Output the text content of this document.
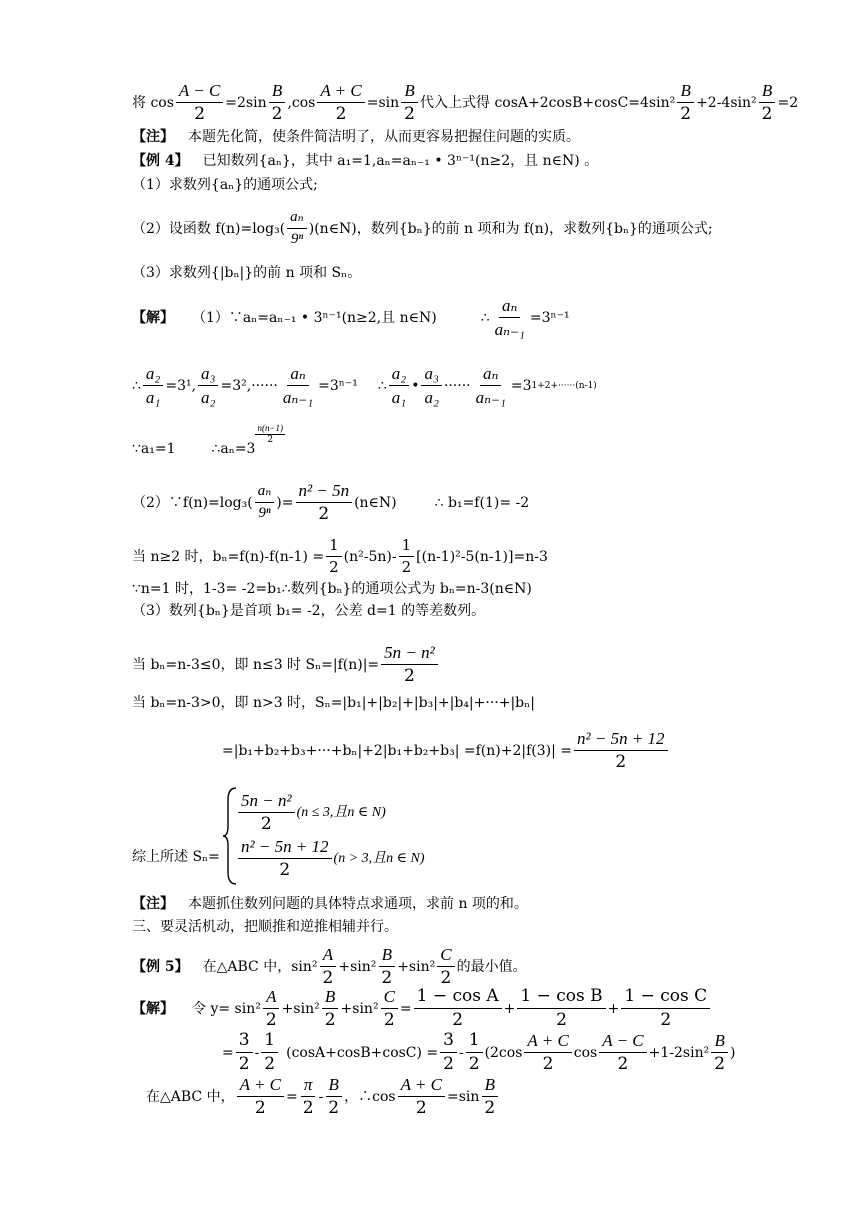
将 $\cos \frac{A - C}{2} =2\sin \frac{B}{2} ,\cos \frac{A + C}{2} =\sin \frac{B}{2}$ 代入上式得 $\cos A+2\cos B+\cos C=4\sin^2 \frac{B}{2} +2-4\sin^2 \frac{B}{2} =2$
【注】 本题先化简，使条件简洁明了，从而更容易把握住问题的实质。
【例 4】 已知数列{aₙ}，其中 a₁=1,aₙ=aₙ₋₁ • 3ⁿ⁻¹(n≥2，且 n∈N) 。
（1）求数列{aₙ}的通项公式;
（2）设函数 $f(n)=\log_3( \frac{\text{aₙ}}{\text{9ⁿ}}$ )(n∈N)，数列{bₙ}的前 n 项和为 f(n)，求数列{bₙ}的通项公式;
（3）求数列{|bₙ|}的前 n 项和 Sₙ。
【解】 （1）∵aₙ=aₙ₋₁ • 3ⁿ⁻¹(n≥2,且 n∈N)	∴ $\frac{\text{aₙ}}{\text{aₙ₋₁}} =3^{n-1}$
∴ $\frac{\text{a₂}}{\text{a₁}} =3^1$, $\frac{\text{a₃}}{\text{a₂}} =3^2,\cdot\cdot\cdot\cdot\cdot\cdot \frac{\text{aₙ}}{\text{aₙ₋₁}} =3^{n-1}$ ∴ $\frac{\text{a₂}}{\text{a₁}}$ • $\frac{\text{a₃}}{\text{a₂}}$ ······ $\frac{\text{aₙ}}{\text{aₙ₋₁}} =3$ 1+2+······(n-1)
∵a₁=1	∴aₙ=3
$\frac{n(n-1)}{2}$
（2）∵f(n)=log₃( $\frac{\text{aₙ}}{\text{9ⁿ}}$ )= $\frac{\text{n² − 5n}}{2}$ (n∈N)	∴ b₁=f(1)= -2
当 n≥2 时，$b_n=f(n)-f(n-1) = \frac{1}{2} (n^2-5n)- \frac{1}{2} [(n-1)^2-5(n-1)]=n-3$
∵n=1 时，1-3= -2=b₁∴数列{bₙ}的通项公式为 bₙ=n-3(n∈N)
（3）数列{bₙ}是首项 b₁= -2，公差 d=1 的等差数列。
当 bₙ=n-3≤0，即 n≤3 时 $S_n=|f(n)|= \frac{\text{5n − n²}}{2}$
当 bₙ=n-3>0，即 n>3 时，Sₙ=|b₁|+|b₂|+|b₃|+|b₄|+···+|bₙ|
$=|b_1+b_2+b_3+\cdot\cdot\cdot+b_n|+2|b_1+b_2+b_3| =f(n)+2|f(3)| = \frac{\text{n² − 5n + 12}}{2}$
综上所述 Sₙ=
$\frac{\text{5n − n²}}{2} (n \le 3$,且n ∈ N)
$\frac{\text{n² − 5n + 12}}{2} (n > 3$,且n ∈ N)
【注】 本题抓住数列问题的具体特点求通项，求前 n 项的和。
三、要灵活机动，把顺推和逆推相辅并行。
【例 5】 在△ABC 中，$\sin^2 \frac{A}{2} +\sin^2 \frac{B}{2} +\sin^2 \frac{C}{2}$ 的最小值。
【解】 令 $y= \sin^2 \frac{A}{2} +\sin^2 \frac{B}{2} +\sin^2 \frac{C}{2} = \frac{\text{1 − cos A}}{2} + \frac{\text{1 − cos B}}{2} + \frac{\text{1 − cos C}}{2}$
= $\frac{3}{2} - \frac{1}{2} (\cos A+\cos B+\cos C) = \frac{3}{2} - \frac{1}{2} (2\cos \frac{A + C}{2}$ $\cos \frac{A - C}{2} +1-2\sin^2 \frac{B}{2}$ )
在△ABC 中， $\frac{A + C}{2} = \frac{\pi}{2} - \frac{B}{2}$ ，∴cos $\frac{A + C}{2} =\sin \frac{B}{2}$
